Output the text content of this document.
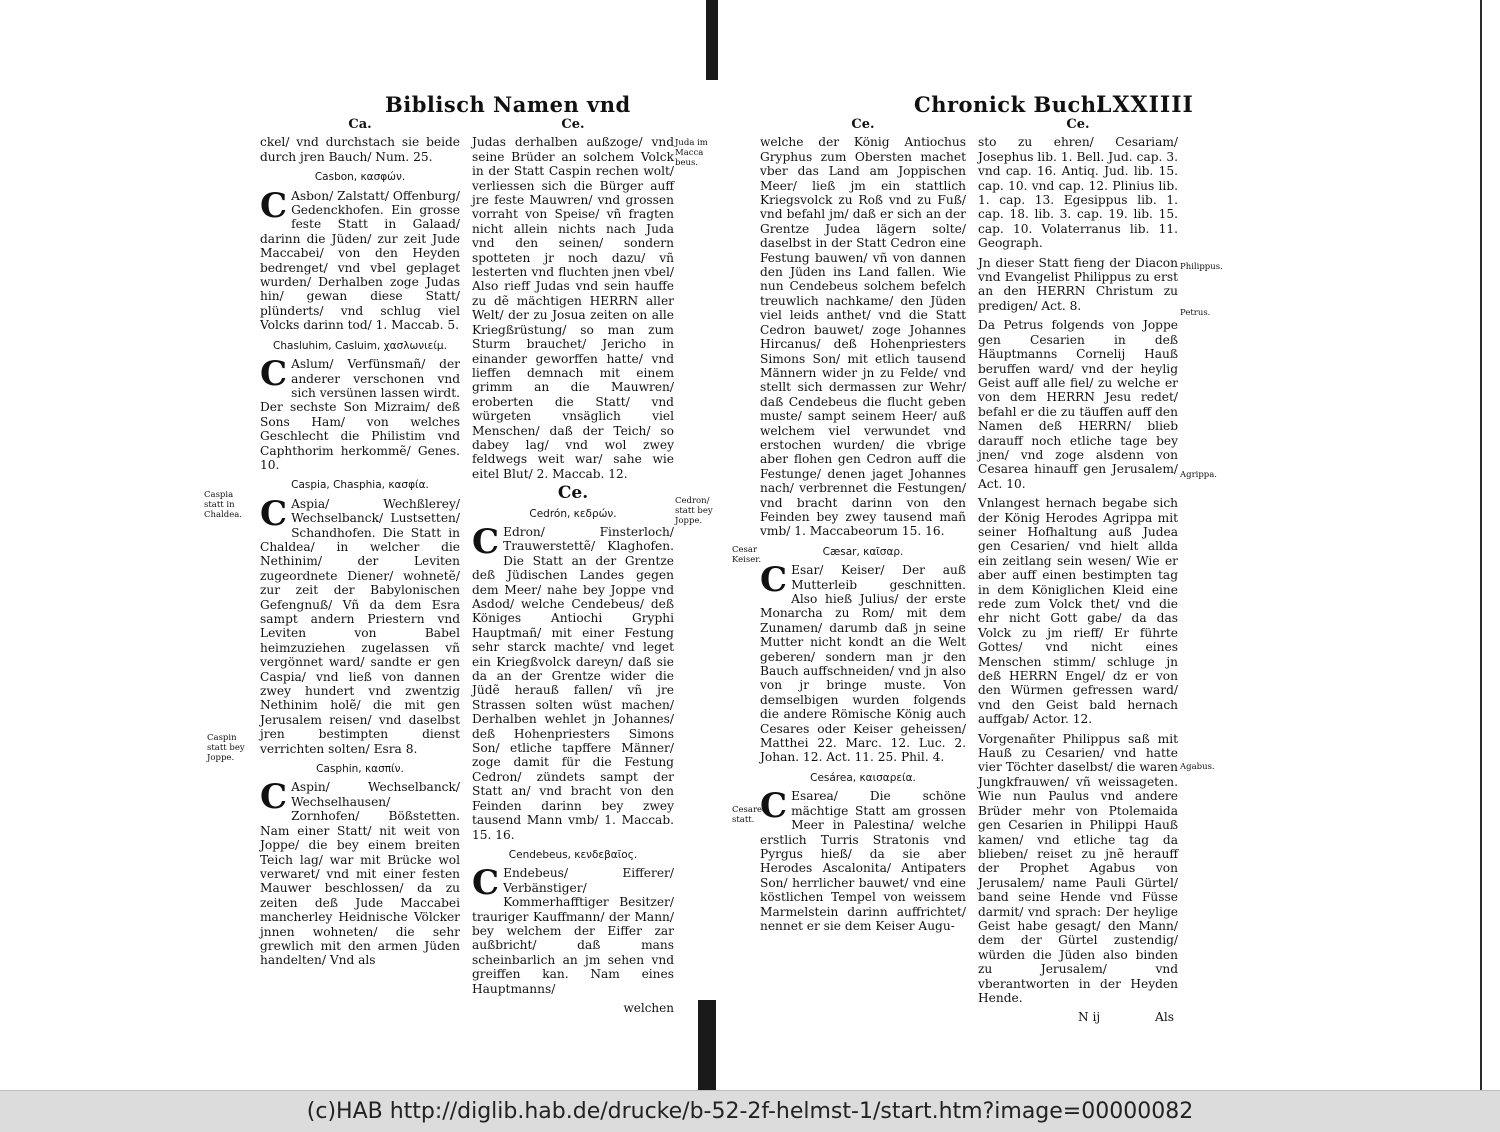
Biblisch Namen vnd
Ca.

ckel/ vnd durchstach sie beide durch jren Bauch/ Num. 25.

Casbon, κασφών.

C Asbon/ Zalstatt/ Offenburg/ Gedenckhofen. Ein grosse feste Statt in Galaad/ darinn die Jüden/ zur zeit Jude Maccabei/ von den Heyden bedrenget/ vnd vbel geplaget wurden/ Derhalben zoge Judas hin/ gewan diese Statt/ plünderts/ vnd schlug viel Volcks darinn tod/ 1. Maccab. 5.

Chasluhim, Casluim, χασλωνιείμ.

C Aslum/ Verfünsmañ/ der anderer verschonen vnd sich versünen lassen wirdt. Der sechste Son Mizraim/ deß Sons Ham/ von welches Geschlecht die Philistim vnd Caphthorim herkommẽ/ Genes. 10.

Caspia, Chasphia, κασφία.

C Aspia/ Wechßlerey/ Wechselbanck/ Lustsetten/ Schandhofen. Die Statt in Chaldea/ in welcher die Nethinim/ der Leviten zugeordnete Diener/ wohnetẽ/ zur zeit der Babylonischen Gefengnuß/ Vñ da dem Esra sampt andern Priestern vnd Leviten von Babel heimzuziehen zugelassen vñ vergönnet ward/ sandte er gen Caspia/ vnd ließ von dannen zwey hundert vnd zwentzig Nethinim holẽ/ die mit gen Jerusalem reisen/ vnd daselbst jren bestimpten dienst verrichten solten/ Esra 8.

Casphin, κασπίν.

C Aspin/ Wechselbanck/ Wechselhausen/ Zornhofen/ Bößstetten. Nam einer Statt/ nit weit von Joppe/ die bey einem breiten Teich lag/ war mit Brücke wol verwaret/ vnd mit einer festen Mauwer beschlossen/ da zu zeiten deß Jude Maccabei mancherley Heidnische Völcker jnnen wohneten/ die sehr grewlich mit den armen Jüden handelten/ Vnd als

Ce.

Judas derhalben außzoge/ vnd seine Brüder an solchem Volck in der Statt Caspin rechen wolt/ verliessen sich die Bürger auff jre feste Mauwren/ vnd grossen vorraht von Speise/ vñ fragten nicht allein nichts nach Juda vnd den seinen/ sondern spotteten jr noch dazu/ vñ lesterten vnd fluchten jnen vbel/ Also rieff Judas vnd sein hauffe zu dẽ mächtigen HERRN aller Welt/ der zu Josua zeiten on alle Kriegßrüstung/ so man zum Sturm brauchet/ Jericho in einander geworffen hatte/ vnd lieffen demnach mit einem grimm an die Mauwren/ eroberten die Statt/ vnd würgeten vnsäglich viel Menschen/ daß der Teich/ so dabey lag/ vnd wol zwey feldwegs weit war/ sahe wie eitel Blut/ 2. Maccab. 12.

Ce.
Cedrón, κεδρών.

C Edron/ Finsterloch/ Trauwerstettẽ/ Klaghofen. Die Statt an der Grentze deß Jüdischen Landes gegen dem Meer/ nahe bey Joppe vnd Asdod/ welche Cendebeus/ deß Königes Antiochi Gryphi Hauptmañ/ mit einer Festung sehr starck machte/ vnd leget ein Kriegßvolck dareyn/ daß sie da an der Grentze wider die Jüdẽ herauß fallen/ vñ jre Strassen solten wüst machen/ Derhalben wehlet jn Johannes/ deß Hohenpriesters Simons Son/ etliche tapffere Männer/ zoge damit für die Festung Cedron/ zündets sampt der Statt an/ vnd bracht von den Feinden darinn bey zwey tausend Mann vmb/ 1. Maccab. 15. 16.

Cendebeus, κενδεβαῖος.

C Endebeus/ Eifferer/ Verbänstiger/ Kommerhafftiger Besitzer/ trauriger Kauffmann/ der Mann/ bey welchem der Eiffer zar außbricht/ daß mans scheinbarlich an jm sehen vnd greiffen kan. Nam eines Hauptmanns/

welchen
Juda im Macca beus.
Caspia statt in Chaldea.
Cedron/ statt bey Joppe.
Caspin statt bey Joppe.
Chronick Buch.
LXXIIII
Ce.

welche der König Antiochus Gryphus zum Obersten machet vber das Land am Joppischen Meer/ ließ jm ein stattlich Kriegsvolck zu Roß vnd zu Fuß/ vnd befahl jm/ daß er sich an der Grentze Judea lägern solte/ daselbst in der Statt Cedron eine Festung bauwen/ vñ von dannen den Jüden ins Land fallen. Wie nun Cendebeus solchem befelch treuwlich nachkame/ den Jüden viel leids anthet/ vnd die Statt Cedron bauwet/ zoge Johannes Hircanus/ deß Hohenpriesters Simons Son/ mit etlich tausend Männern wider jn zu Felde/ vnd stellt sich dermassen zur Wehr/ daß Cendebeus die flucht geben muste/ sampt seinem Heer/ auß welchem viel verwundet vnd erstochen wurden/ die vbrige aber flohen gen Cedron auff die Festunge/ denen jaget Johannes nach/ verbrennet die Festungen/ vnd bracht darinn von den Feinden bey zwey tausend mañ vmb/ 1. Maccabeorum 15. 16.

Cæsar, καῖσαρ.

C Esar/ Keiser/ Der auß Mutterleib geschnitten. Also hieß Julius/ der erste Monarcha zu Rom/ mit dem Zunamen/ darumb daß jn seine Mutter nicht kondt an die Welt geberen/ sondern man jr den Bauch auffschneiden/ vnd jn also von jr bringe muste. Von demselbigen wurden folgends die andere Römische König auch Cesares oder Keiser geheissen/ Matthei 22. Marc. 12. Luc. 2. Johan. 12. Act. 11. 25. Phil. 4.

Cesárea, καισαρεία.

C Esarea/ Die schöne mächtige Statt am grossen Meer in Palestina/ welche erstlich Turris Stratonis vnd Pyrgus hieß/ da sie aber Herodes Ascalonita/ Antipaters Son/ herrlicher bauwet/ vnd eine köstlichen Tempel von weissem Marmelstein darinn auffrichtet/ nennet er sie dem Keiser Augu-

Ce.

sto zu ehren/ Cesariam/ Josephus lib. 1. Bell. Jud. cap. 3. vnd cap. 16. Antiq. Jud. lib. 15. cap. 10. vnd cap. 12. Plinius lib. 1. cap. 13. Egesippus lib. 1. cap. 18. lib. 3. cap. 19. lib. 15. cap. 10. Volaterranus lib. 11. Geograph.

Jn dieser Statt fieng der Diacon vnd Evangelist Philippus zu erst an den HERRN Christum zu predigen/ Act. 8.

Da Petrus folgends von Joppe gen Cesarien in deß Häuptmanns Cornelij Hauß beruffen ward/ vnd der heylig Geist auff alle fiel/ zu welche er von dem HERRN Jesu redet/ befahl er die zu täuffen auff den Namen deß HERRN/ blieb darauff noch etliche tage bey jnen/ vnd zoge alsdenn von Cesarea hinauff gen Jerusalem/ Act. 10.

Vnlangest hernach begabe sich der König Herodes Agrippa mit seiner Hofhaltung auß Judea gen Cesarien/ vnd hielt allda ein zeitlang sein wesen/ Wie er aber auff einen bestimpten tag in dem Königlichen Kleid eine rede zum Volck thet/ vnd die ehr nicht Gott gabe/ da das Volck zu jm rieff/ Er führte Gottes/ vnd nicht eines Menschen stimm/ schluge jn deß HERRN Engel/ dz er von den Würmen gefressen ward/ vnd den Geist bald hernach auffgab/ Actor. 12.

Vorgenañter Philippus saß mit Hauß zu Cesarien/ vnd hatte vier Töchter daselbst/ die waren Jungkfrauwen/ vñ weissageten. Wie nun Paulus vnd andere Brüder mehr von Ptolemaida gen Cesarien in Philippi Hauß kamen/ vnd etliche tag da blieben/ reiset zu jnẽ herauff der Prophet Agabus von Jerusalem/ name Pauli Gürtel/ band seine Hende vnd Füsse darmit/ vnd sprach: Der heylige Geist habe gesagt/ den Mann/ dem der Gürtel zustendig/ würden die Jüden also binden zu Jerusalem/ vnd vberantworten in der Heyden Hende.

N ij	Als
Philippus.
Petrus.
Agrippa.
Cesar Keiser.
Agabus.
Cesarea statt.
(c)HAB http://diglib.hab.de/drucke/b-52-2f-helmst-1/start.htm?image=00000082
